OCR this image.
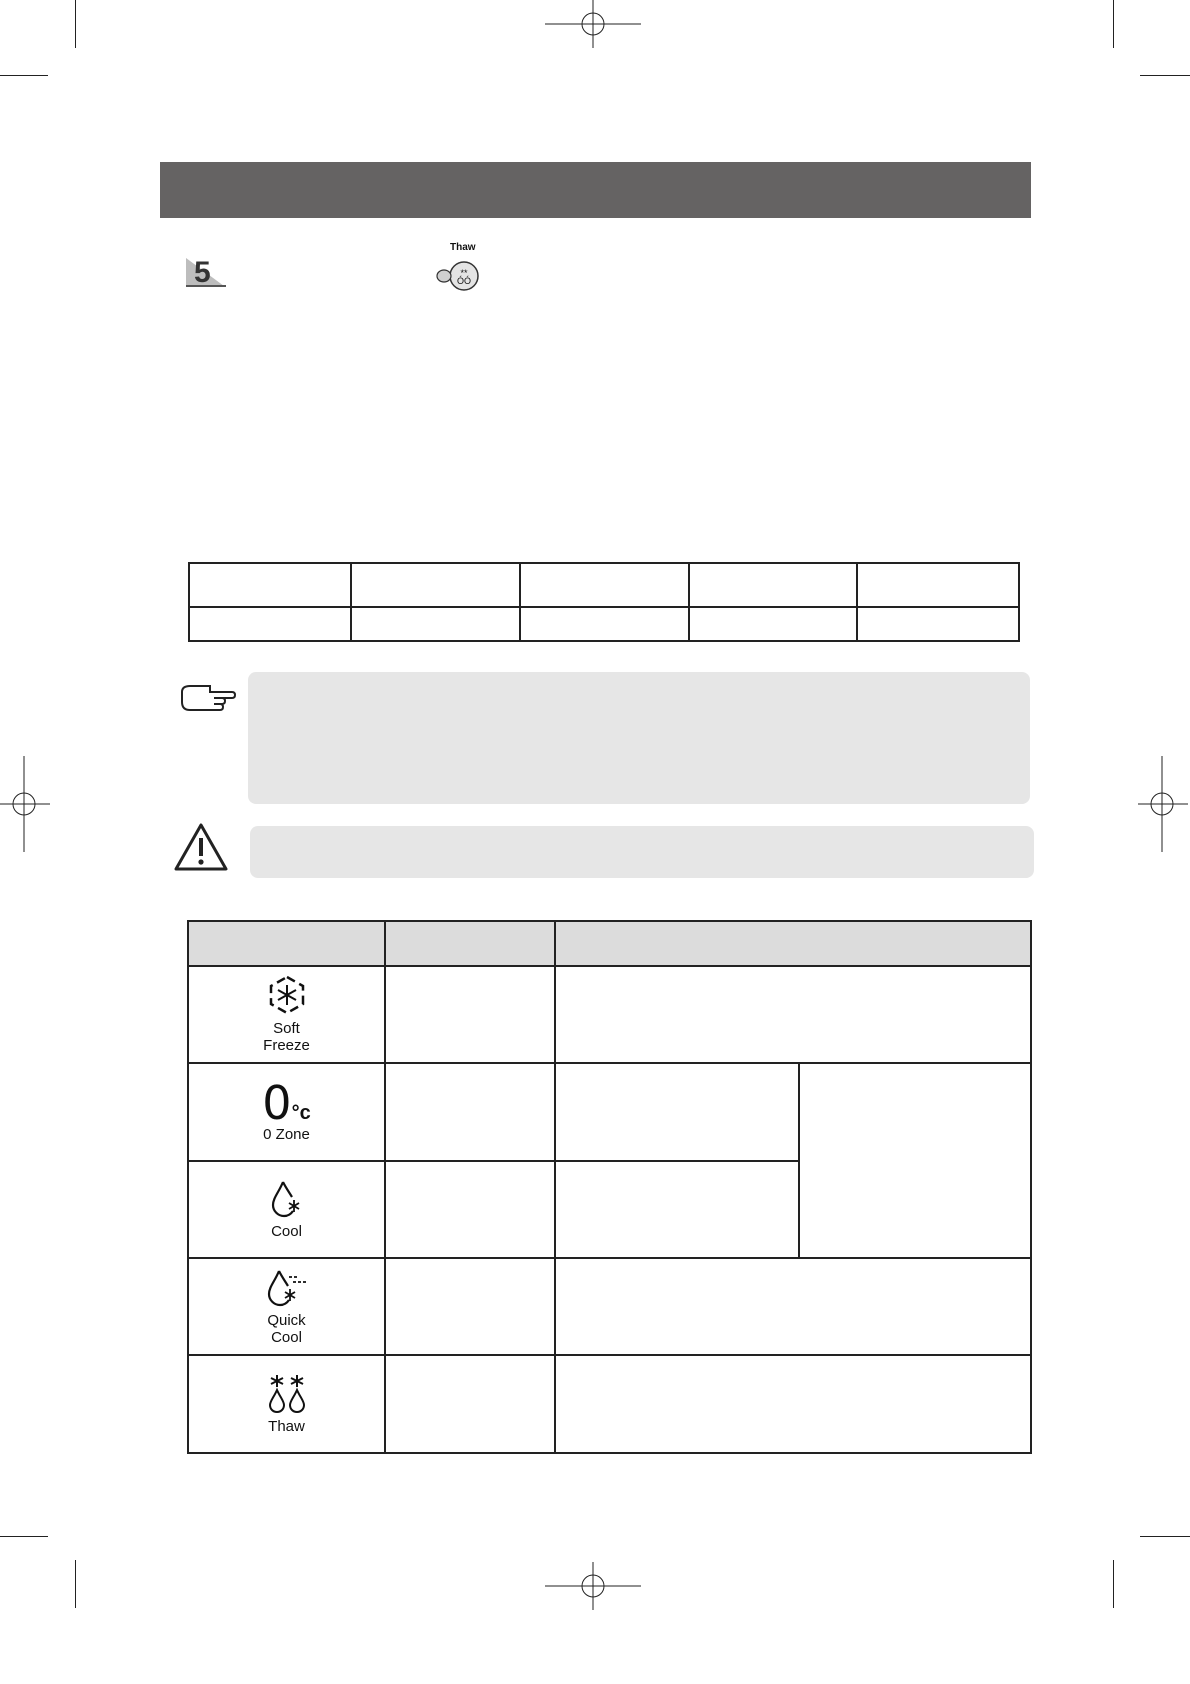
5
Thaw
**
ÓÓ

Soft
Freeze			

0°c
0 Zone			

Cool			

Quick
Cool			

Thaw			
